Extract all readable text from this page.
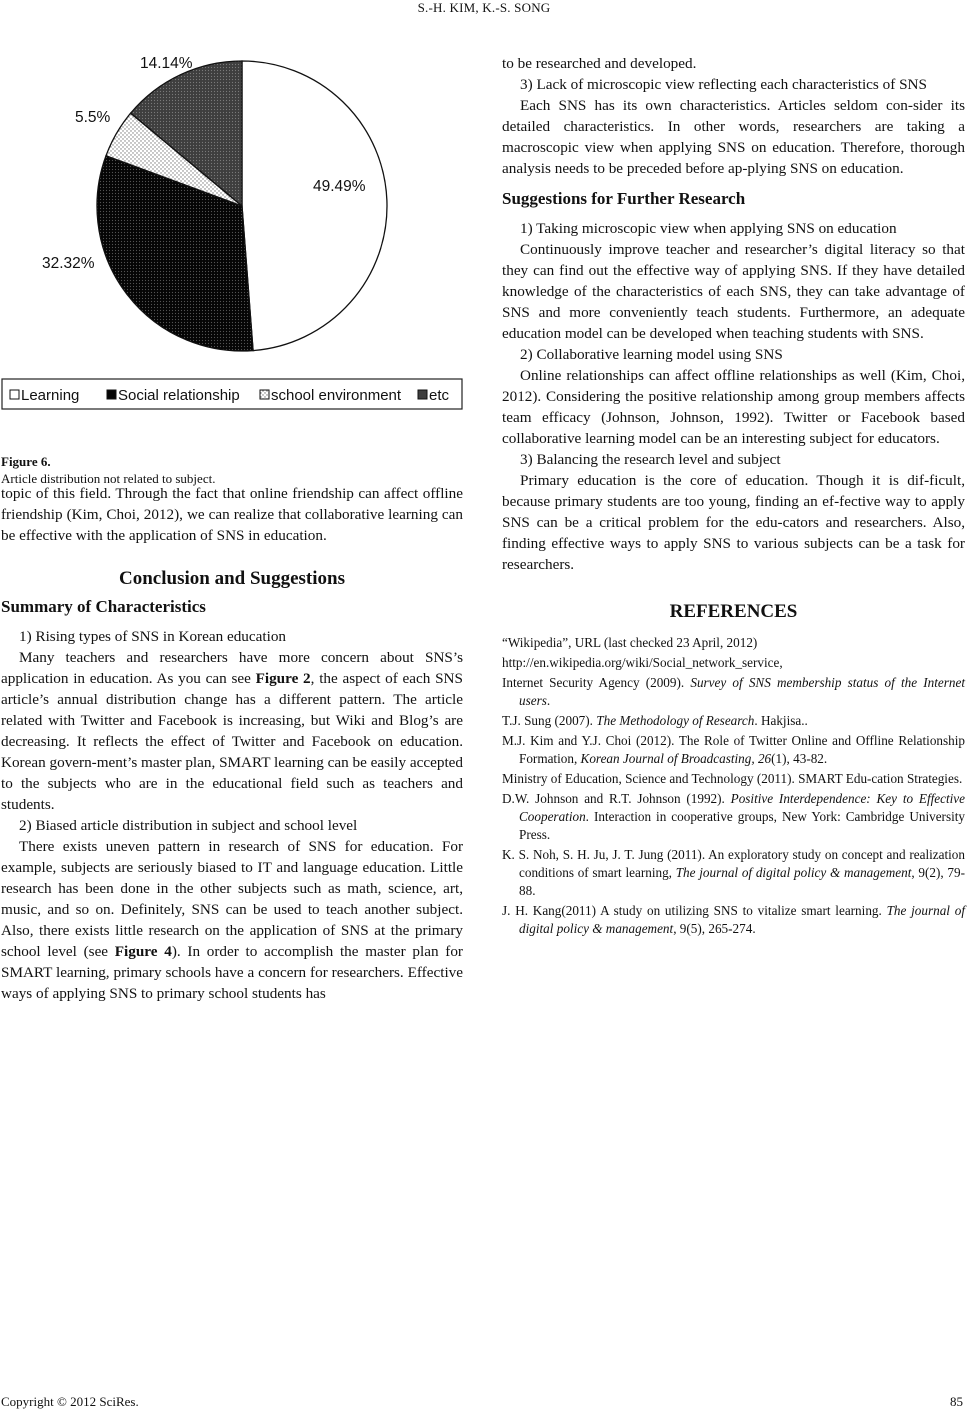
S.-H. KIM, K.-S. SONG
49.49%
32.32%
5.5%
14.14%
Learning	Social relationship school environment etc
Figure 6.
Article distribution not related to subject.

topic of this field. Through the fact that online friendship can affect offline friendship (Kim, Choi, 2012), we can realize that collaborative learning can be effective with the application of SNS in education.

Conclusion and Suggestions
Summary of Characteristics

1) Rising types of SNS in Korean education

Many teachers and researchers have more concern about SNS’s application in education. As you can see Figure 2, the aspect of each SNS article’s annual distribution change has a different pattern. The article related with Twitter and Facebook is increasing, but Wiki and Blog’s are decreasing. It reflects the effect of Twitter and Facebook on education. Korean govern-ment’s master plan, SMART learning can be easily accepted to the subjects who are in the educational field such as teachers and students.

2) Biased article distribution in subject and school level

There exists uneven pattern in research of SNS for education. For example, subjects are seriously biased to IT and language education. Little research has been done in the other subjects such as math, science, art, music, and so on. Definitely, SNS can be used to teach another subject. Also, there exists little research on the application of SNS at the primary school level (see Figure 4). In order to accomplish the master plan for SMART learning, primary schools have a concern for researchers. Effective ways of applying SNS to primary school students has

to be researched and developed.

3) Lack of microscopic view reflecting each characteristics of SNS

Each SNS has its own characteristics. Articles seldom con-sider its detailed characteristics. In other words, researchers are taking a macroscopic view when applying SNS on education. Therefore, thorough analysis needs to be preceded before ap-plying SNS on education.

Suggestions for Further Research

1) Taking microscopic view when applying SNS on education

Continuously improve teacher and researcher’s digital literacy so that they can find out the effective way of applying SNS. If they have detailed knowledge of the characteristics of each SNS, they can take advantage of SNS and more conveniently teach students. Furthermore, an adequate education model can be developed when teaching students with SNS.

2) Collaborative learning model using SNS

Online relationships can affect offline relationships as well (Kim, Choi, 2012). Considering the positive relationship among group members affects team efficacy (Johnson, Johnson, 1992). Twitter or Facebook based collaborative learning model can be an interesting subject for educators.

3) Balancing the research level and subject

Primary education is the core of education. Though it is dif-ficult, because primary students are too young, finding an ef-fective way to apply SNS can be a critical problem for the edu-cators and researchers. Also, finding effective ways to apply SNS to various subjects can be a task for researchers.

REFERENCES

“Wikipedia”, URL (last checked 23 April, 2012)

http://en.wikipedia.org/wiki/Social_network_service,

Internet Security Agency (2009). Survey of SNS membership status of the Internet users.

T.J. Sung (2007). The Methodology of Research. Hakjisa..

M.J. Kim and Y.J. Choi (2012). The Role of Twitter Online and Offline Relationship Formation, Korean Journal of Broadcasting, 26(1), 43-82.

Ministry of Education, Science and Technology (2011). SMART Edu-cation Strategies.

D.W. Johnson and R.T. Johnson (1992). Positive Interdependence: Key to Effective Cooperation. Interaction in cooperative groups, New York: Cambridge University Press.

K. S. Noh, S. H. Ju, J. T. Jung (2011). An exploratory study on concept and realization conditions of smart learning, The journal of digital policy & management, 9(2), 79-88.

J. H. Kang(2011) A study on utilizing SNS to vitalize smart learning. The journal of digital policy & management, 9(5), 265-274.

Copyright © 2012 SciRes.	85
